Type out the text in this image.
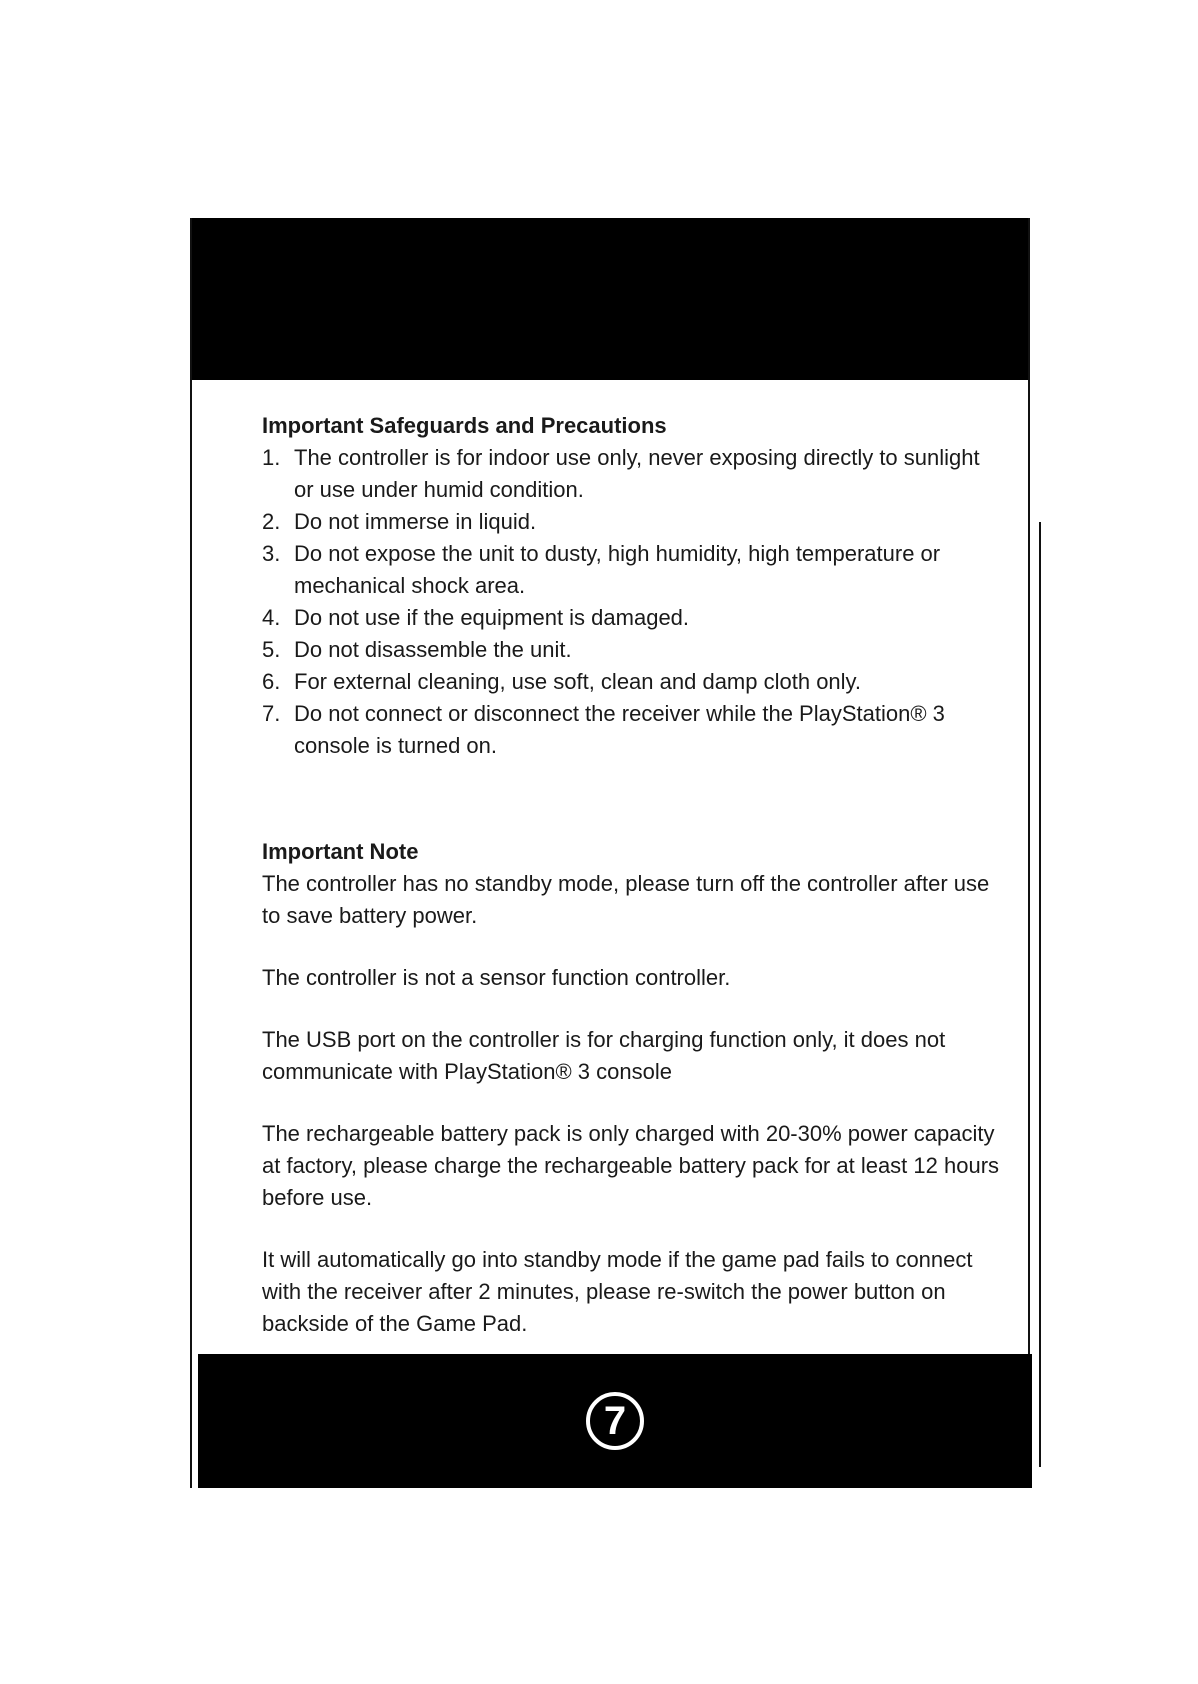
7
Important Safeguards and Precautions
1. The controller is for indoor use only, never exposing directly to sunlight or use under humid condition.
2. Do not immerse in liquid.
3. Do not expose the unit to dusty, high humidity, high temperature or mechanical shock area.
4. Do not use if the equipment is damaged.
5. Do not disassemble the unit.
6. For external cleaning, use soft, clean and damp cloth only.
7. Do not connect or disconnect the receiver while the PlayStation® 3 console is turned on.
Important Note

The controller has no standby mode, please turn off the controller after use to save battery power.

The controller is not a sensor function controller.

The USB port on the controller is for charging function only, it does not communicate with PlayStation® 3 console

The rechargeable battery pack is only charged with 20-30% power capacity at factory, please charge the rechargeable battery pack for at least 12 hours before use.

It will automatically go into standby mode if the game pad fails to connect with the receiver after 2 minutes, please re-switch the power button on backside of the Game Pad.
